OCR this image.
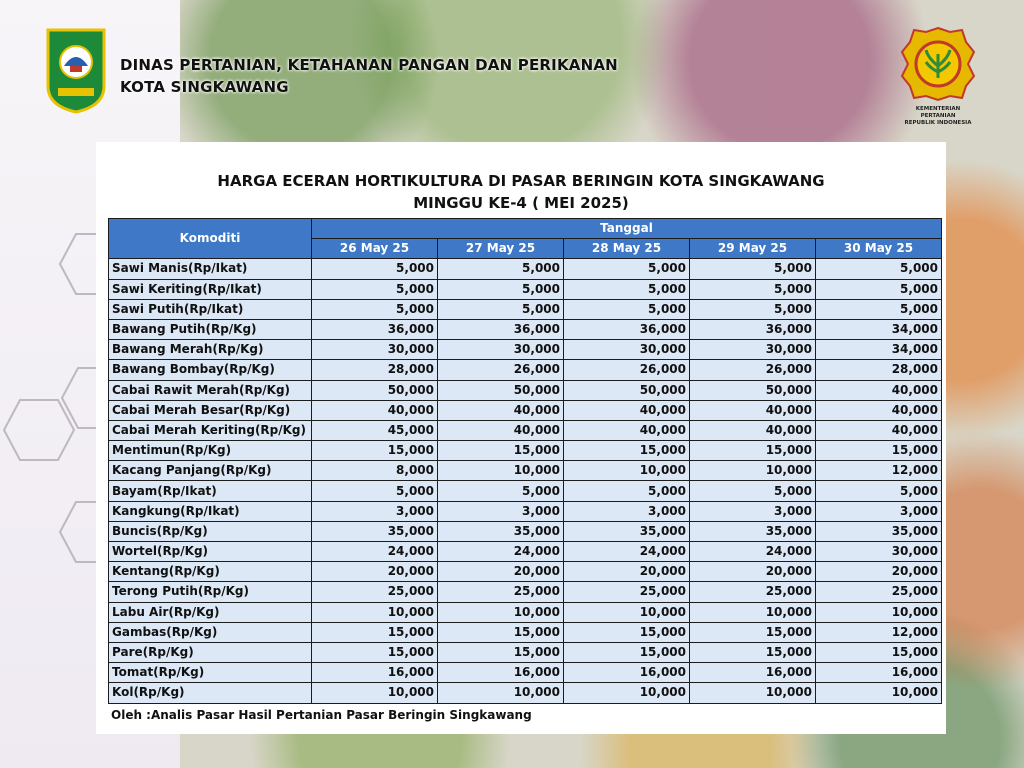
DINAS PERTANIAN, KETAHANAN PANGAN DAN PERIKANAN
KOTA SINGKAWANG
KEMENTERIAN PERTANIAN
REPUBLIK INDONESIA
HARGA ECERAN HORTIKULTURA DI PASAR BERINGIN KOTA SINGKAWANG
MINGGU KE-4 ( MEI 2025)
Komoditi	Tanggal				
	26 May 25	27 May 25	28 May 25	29 May 25	30 May 25
Sawi Manis(Rp/Ikat)	5,000	5,000	5,000	5,000	5,000
Sawi Keriting(Rp/Ikat)	5,000	5,000	5,000	5,000	5,000
Sawi Putih(Rp/Ikat)	5,000	5,000	5,000	5,000	5,000
Bawang Putih(Rp/Kg)	36,000	36,000	36,000	36,000	34,000
Bawang Merah(Rp/Kg)	30,000	30,000	30,000	30,000	34,000
Bawang Bombay(Rp/Kg)	28,000	26,000	26,000	26,000	28,000
Cabai Rawit Merah(Rp/Kg)	50,000	50,000	50,000	50,000	40,000
Cabai Merah Besar(Rp/Kg)	40,000	40,000	40,000	40,000	40,000
Cabai Merah Keriting(Rp/Kg)	45,000	40,000	40,000	40,000	40,000
Mentimun(Rp/Kg)	15,000	15,000	15,000	15,000	15,000
Kacang Panjang(Rp/Kg)	8,000	10,000	10,000	10,000	12,000
Bayam(Rp/Ikat)	5,000	5,000	5,000	5,000	5,000
Kangkung(Rp/Ikat)	3,000	3,000	3,000	3,000	3,000
Buncis(Rp/Kg)	35,000	35,000	35,000	35,000	35,000
Wortel(Rp/Kg)	24,000	24,000	24,000	24,000	30,000
Kentang(Rp/Kg)	20,000	20,000	20,000	20,000	20,000
Terong Putih(Rp/Kg)	25,000	25,000	25,000	25,000	25,000
Labu Air(Rp/Kg)	10,000	10,000	10,000	10,000	10,000
Gambas(Rp/Kg)	15,000	15,000	15,000	15,000	12,000
Pare(Rp/Kg)	15,000	15,000	15,000	15,000	15,000
Tomat(Rp/Kg)	16,000	16,000	16,000	16,000	16,000
Kol(Rp/Kg)	10,000	10,000	10,000	10,000	10,000
Oleh :Analis Pasar Hasil Pertanian Pasar Beringin Singkawang
